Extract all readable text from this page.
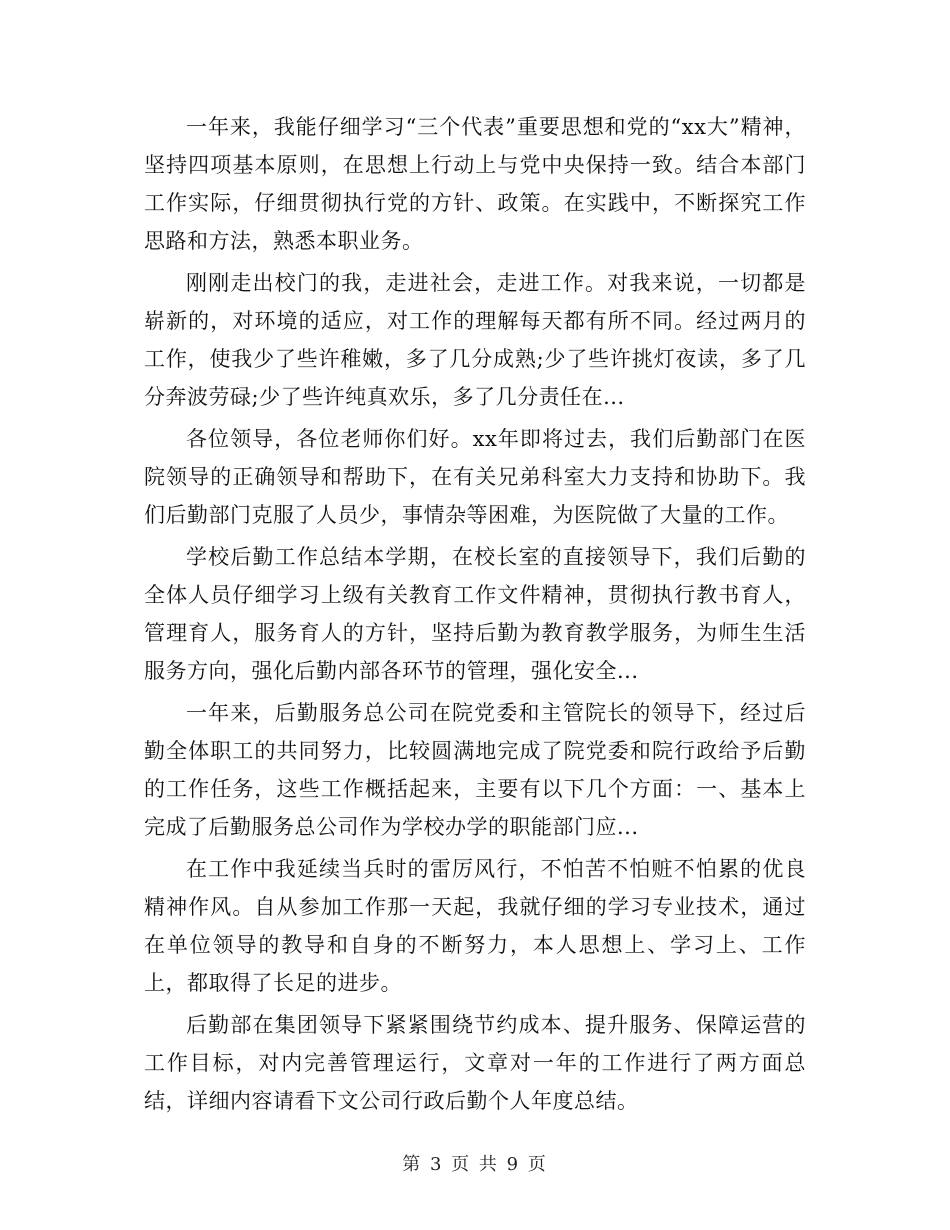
一年来，我能仔细学习“三个代表”重要思想和党的“xx大”精神，坚持四项基本原则，在思想上行动上与党中央保持一致。结合本部门工作实际，仔细贯彻执行党的方针、政策。在实践中，不断探究工作思路和方法，熟悉本职业务。

刚刚走出校门的我，走进社会，走进工作。对我来说，一切都是崭新的，对环境的适应，对工作的理解每天都有所不同。经过两月的工作，使我少了些许稚嫩，多了几分成熟;少了些许挑灯夜读，多了几分奔波劳碌;少了些许纯真欢乐，多了几分责任在...

各位领导，各位老师你们好。xx年即将过去，我们后勤部门在医院领导的正确领导和帮助下，在有关兄弟科室大力支持和协助下。我们后勤部门克服了人员少，事情杂等困难，为医院做了大量的工作。

学校后勤工作总结本学期，在校长室的直接领导下，我们后勤的全体人员仔细学习上级有关教育工作文件精神，贯彻执行教书育人，管理育人，服务育人的方针，坚持后勤为教育教学服务，为师生生活服务方向，强化后勤内部各环节的管理，强化安全...

一年来，后勤服务总公司在院党委和主管院长的领导下，经过后勤全体职工的共同努力，比较圆满地完成了院党委和院行政给予后勤的工作任务，这些工作概括起来，主要有以下几个方面：一、基本上完成了后勤服务总公司作为学校办学的职能部门应...

在工作中我延续当兵时的雷厉风行，不怕苦不怕赃不怕累的优良精神作风。自从参加工作那一天起，我就仔细的学习专业技术，通过在单位领导的教导和自身的不断努力，本人思想上、学习上、工作上，都取得了长足的进步。

后勤部在集团领导下紧紧围绕节约成本、提升服务、保障运营的工作目标，对内完善管理运行，文章对一年的工作进行了两方面总结，详细内容请看下文公司行政后勤个人年度总结。

第 3 页 共 9 页
